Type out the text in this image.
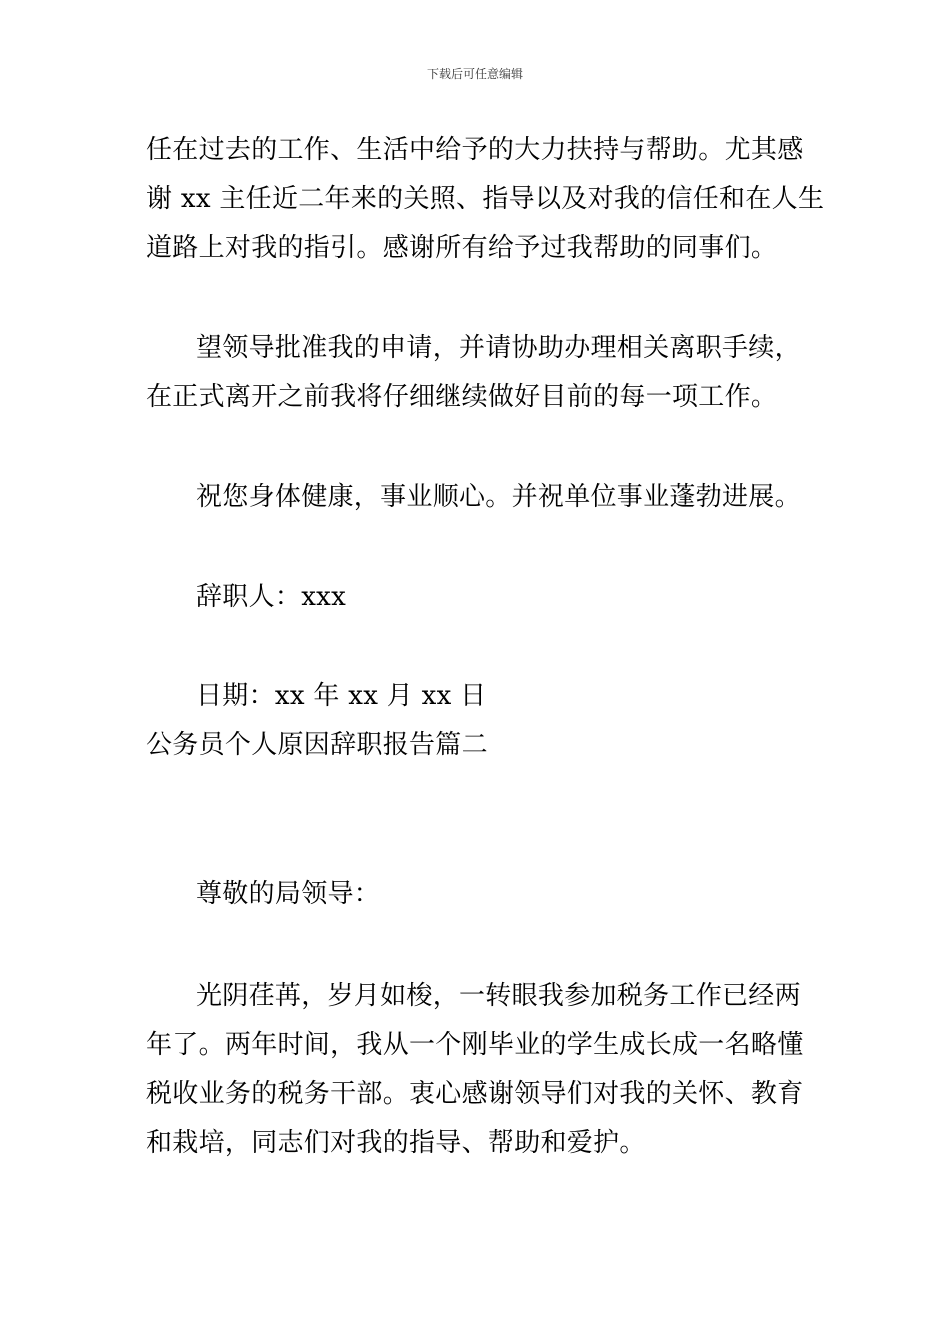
下载后可任意编辑
任在过去的工作、生活中给予的大力扶持与帮助。尤其感
谢 xx 主任近二年来的关照、指导以及对我的信任和在人生
道路上对我的指引。感谢所有给予过我帮助的同事们。
望领导批准我的申请，并请协助办理相关离职手续，
在正式离开之前我将仔细继续做好目前的每一项工作。
祝您身体健康，事业顺心。并祝单位事业蓬勃进展。
辞职人：xxx
日期：xx 年 xx 月 xx 日
公务员个人原因辞职报告篇二
尊敬的局领导：
光阴荏苒，岁月如梭，一转眼我参加税务工作已经两
年了。两年时间，我从一个刚毕业的学生成长成一名略懂
税收业务的税务干部。衷心感谢领导们对我的关怀、教育
和栽培，同志们对我的指导、帮助和爱护。
